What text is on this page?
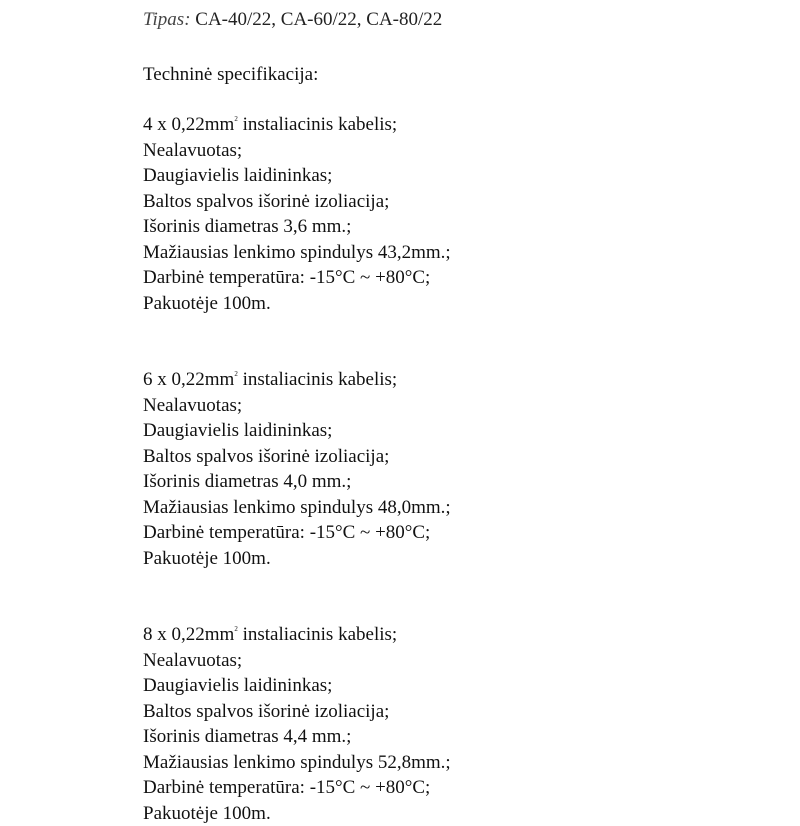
Tipas: CA-40/22, CA-60/22, CA-80/22
Techninė specifikacija:
4 x $0,22mm^2$ instaliacinis kabelis;
Nealavuotas;
Daugiavielis laidininkas;
Baltos spalvos išorinė izoliacija;
Išorinis diametras 3,6 mm.;
Mažiausias lenkimo spindulys 43,2mm.;
Darbinė temperatūra: -15°C ~ +80°C;
Pakuotėje 100m.
6 x $0,22mm^2$ instaliacinis kabelis;
Nealavuotas;
Daugiavielis laidininkas;
Baltos spalvos išorinė izoliacija;
Išorinis diametras 4,0 mm.;
Mažiausias lenkimo spindulys 48,0mm.;
Darbinė temperatūra: -15°C ~ +80°C;
Pakuotėje 100m.
8 x $0,22mm^2$ instaliacinis kabelis;
Nealavuotas;
Daugiavielis laidininkas;
Baltos spalvos išorinė izoliacija;
Išorinis diametras 4,4 mm.;
Mažiausias lenkimo spindulys 52,8mm.;
Darbinė temperatūra: -15°C ~ +80°C;
Pakuotėje 100m.
